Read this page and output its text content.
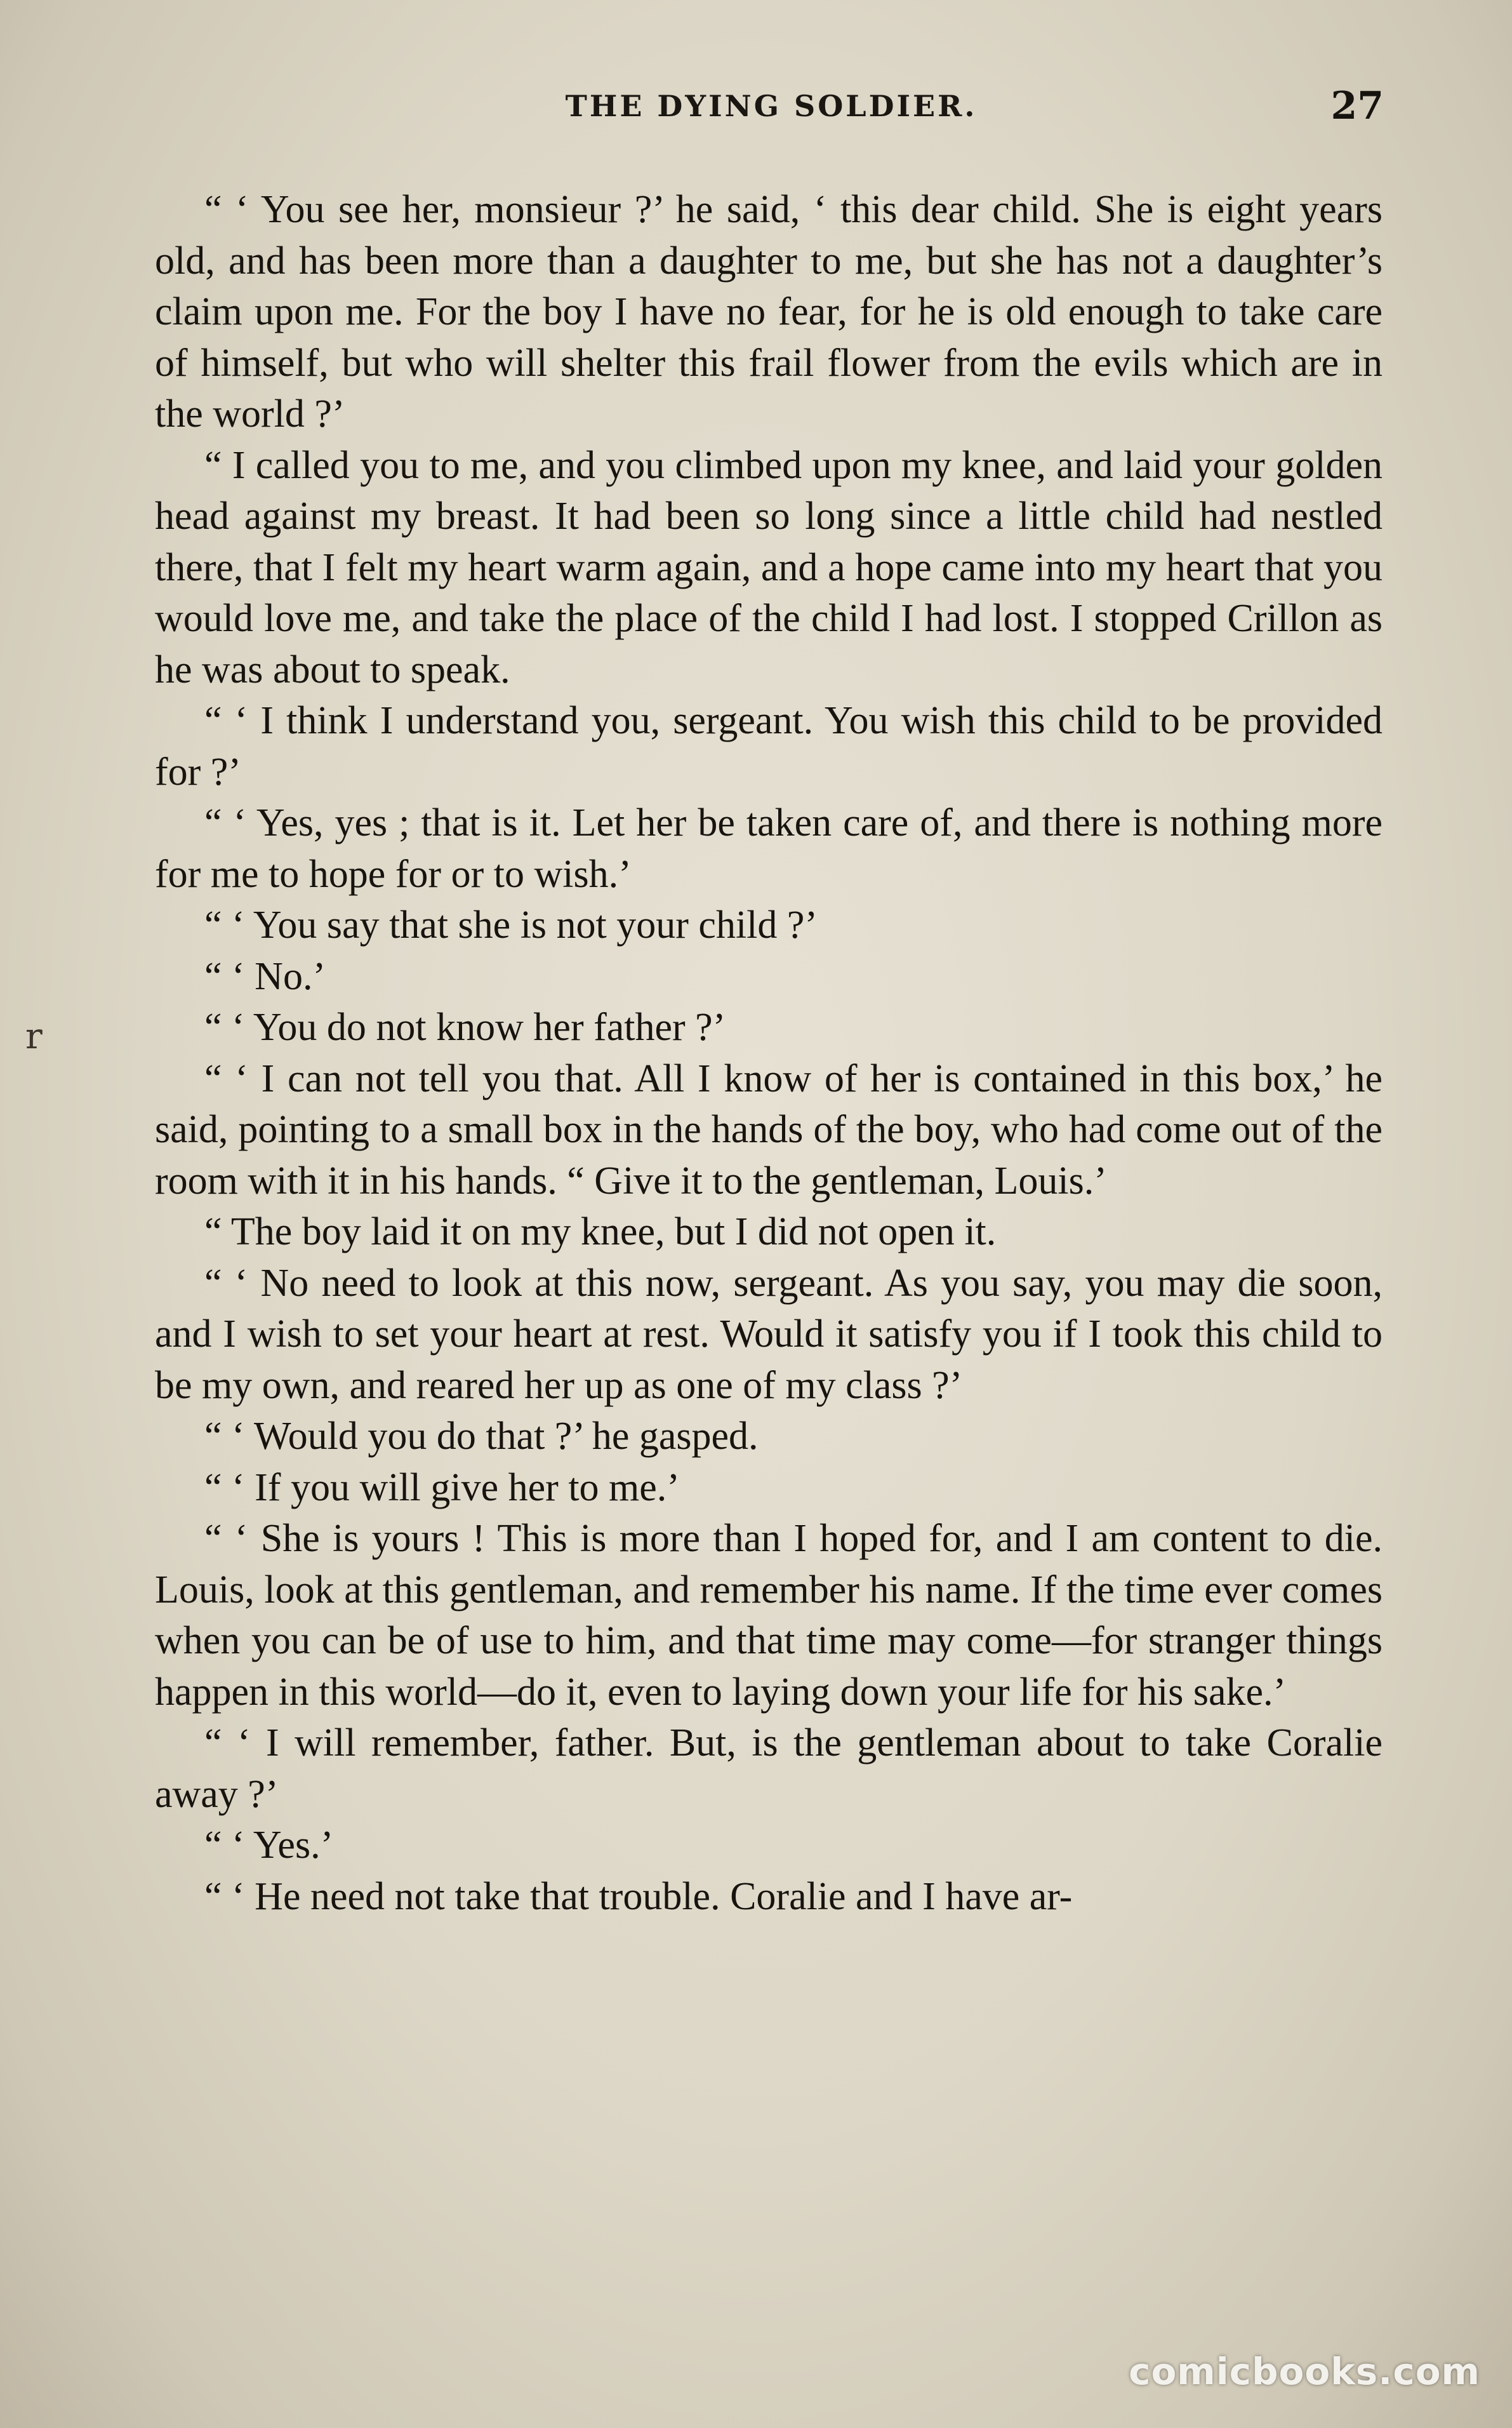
THE DYING SOLDIER.	27
r

“ ‘ You see her, monsieur ?’ he said, ‘ this dear child. She is eight years old, and has been more than a daughter to me, but she has not a daughter’s claim upon me. For the boy I have no fear, for he is old enough to take care of himself, but who will shelter this frail flower from the evils which are in the world ?’

“ I called you to me, and you climbed upon my knee, and laid your golden head against my breast. It had been so long since a little child had nestled there, that I felt my heart warm again, and a hope came into my heart that you would love me, and take the place of the child I had lost. I stopped Crillon as he was about to speak.

“ ‘ I think I understand you, sergeant. You wish this child to be provided for ?’

“ ‘ Yes, yes ; that is it. Let her be taken care of, and there is nothing more for me to hope for or to wish.’

“ ‘ You say that she is not your child ?’

“ ‘ No.’

“ ‘ You do not know her father ?’

“ ‘ I can not tell you that. All I know of her is contained in this box,’ he said, pointing to a small box in the hands of the boy, who had come out of the room with it in his hands. “ Give it to the gentleman, Louis.’

“ The boy laid it on my knee, but I did not open it.

“ ‘ No need to look at this now, sergeant. As you say, you may die soon, and I wish to set your heart at rest. Would it satisfy you if I took this child to be my own, and reared her up as one of my class ?’

“ ‘ Would you do that ?’ he gasped.

“ ‘ If you will give her to me.’

“ ‘ She is yours ! This is more than I hoped for, and I am content to die. Louis, look at this gentleman, and remember his name. If the time ever comes when you can be of use to him, and that time may come—for stranger things happen in this world—do it, even to laying down your life for his sake.’

“ ‘ I will remember, father. But, is the gentleman about to take Coralie away ?’

“ ‘ Yes.’

“ ‘ He need not take that trouble. Coralie and I have ar-

comicbooks.com
